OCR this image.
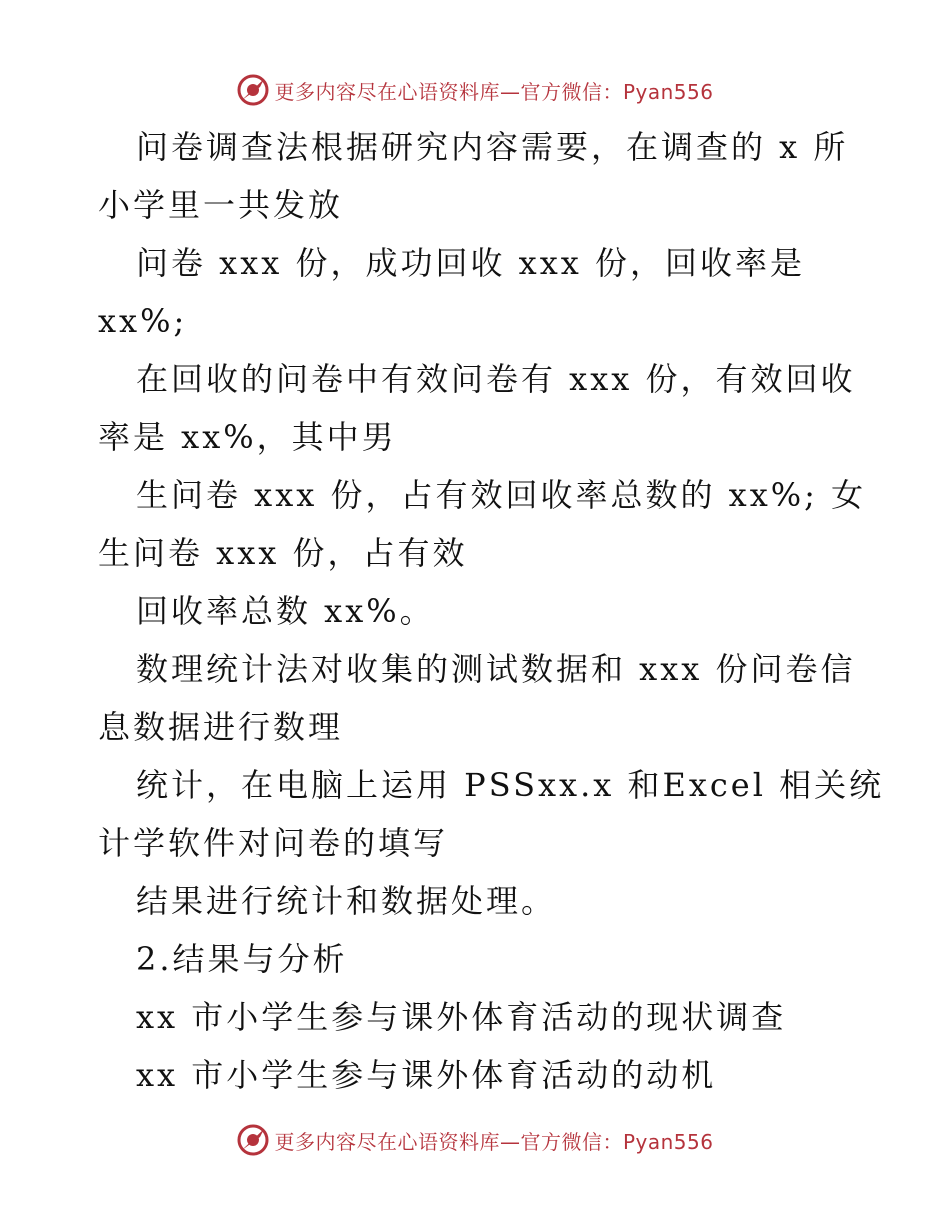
更多内容尽在心语资料库—官方微信：Pyan556
问卷调查法根据研究内容需要，在调查的 x 所
小学里一共发放
问卷 xxx 份，成功回收 xxx 份，回收率是
xx%;
在回收的问卷中有效问卷有 xxx 份，有效回收
率是 xx%，其中男
生问卷 xxx 份，占有效回收率总数的 xx%; 女
生问卷 xxx 份，占有效
回收率总数 xx%。
数理统计法对收集的测试数据和 xxx 份问卷信
息数据进行数理
统计，在电脑上运用 PSSxx.x 和Excel 相关统
计学软件对问卷的填写
结果进行统计和数据处理。
2.结果与分析
xx 市小学生参与课外体育活动的现状调查
xx 市小学生参与课外体育活动的动机
更多内容尽在心语资料库—官方微信：Pyan556
